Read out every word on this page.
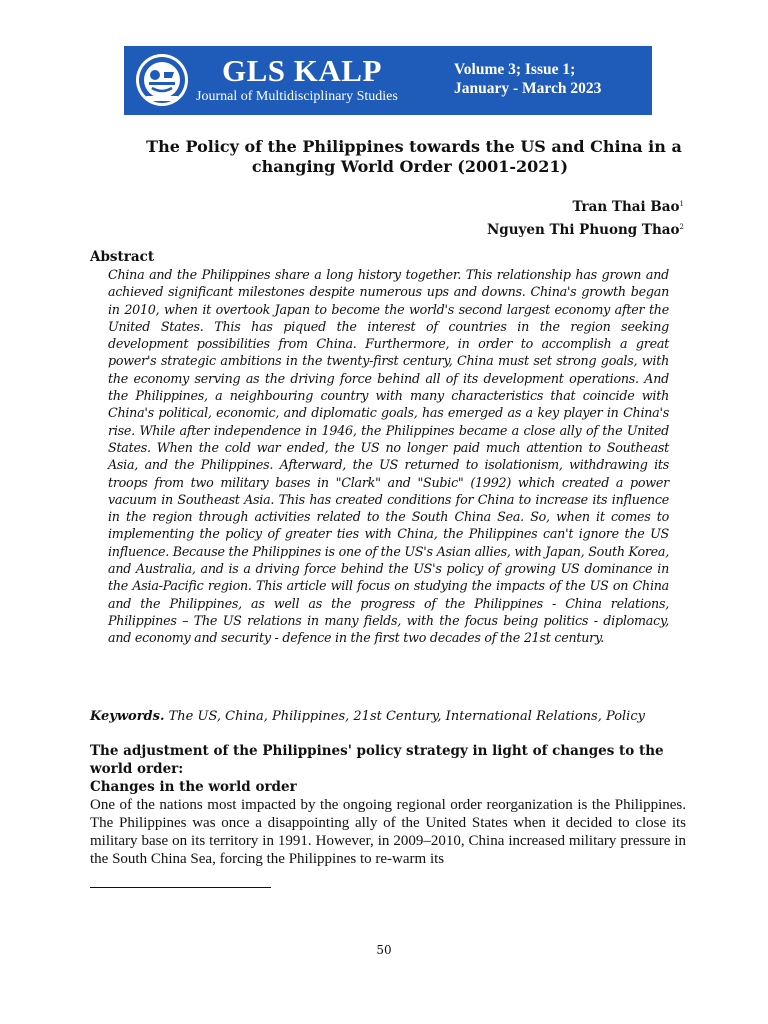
GLS KALP
Journal of Multidisciplinary Studies
Volume 3; Issue 1;
January - March 2023
The Policy of the Philippines towards the US and China in a
changing World Order (2001-2021)
Tran Thai Bao$^1$
Nguyen Thi Phuong Thao$^2$
Abstract

China and the Philippines share a long history together. This relationship has grown and achieved significant milestones despite numerous ups and downs. China's growth began in 2010, when it overtook Japan to become the world's second largest economy after the United States. This has piqued the interest of countries in the region seeking development possibilities from China. Furthermore, in order to accomplish a great power's strategic ambitions in the twenty-first century, China must set strong goals, with the economy serving as the driving force behind all of its development operations. And the Philippines, a neighbouring country with many characteristics that coincide with China's political, economic, and diplomatic goals, has emerged as a key player in China's rise. While after independence in 1946, the Philippines became a close ally of the United States. When the cold war ended, the US no longer paid much attention to Southeast Asia, and the Philippines. Afterward, the US returned to isolationism, withdrawing its troops from two military bases in "Clark" and "Subic" (1992) which created a power vacuum in Southeast Asia. This has created conditions for China to increase its influence in the region through activities related to the South China Sea. So, when it comes to implementing the policy of greater ties with China, the Philippines can't ignore the US influence. Because the Philippines is one of the US's Asian allies, with Japan, South Korea, and Australia, and is a driving force behind the US's policy of growing US dominance in the Asia-Pacific region. This article will focus on studying the impacts of the US on China and the Philippines, as well as the progress of the Philippines - China relations, Philippines – The US relations in many fields, with the focus being politics - diplomacy, and economy and security - defence in the first two decades of the 21st century.

Keywords. The US, China, Philippines, 21st Century, International Relations, Policy

The adjustment of the Philippines' policy strategy in light of changes to the world order:
Changes in the world order

One of the nations most impacted by the ongoing regional order reorganization is the Philippines. The Philippines was once a disappointing ally of the United States when it decided to close its military base on its territory in 1991. However, in 2009–2010, China increased military pressure in the South China Sea, forcing the Philippines to re-warm its

50
